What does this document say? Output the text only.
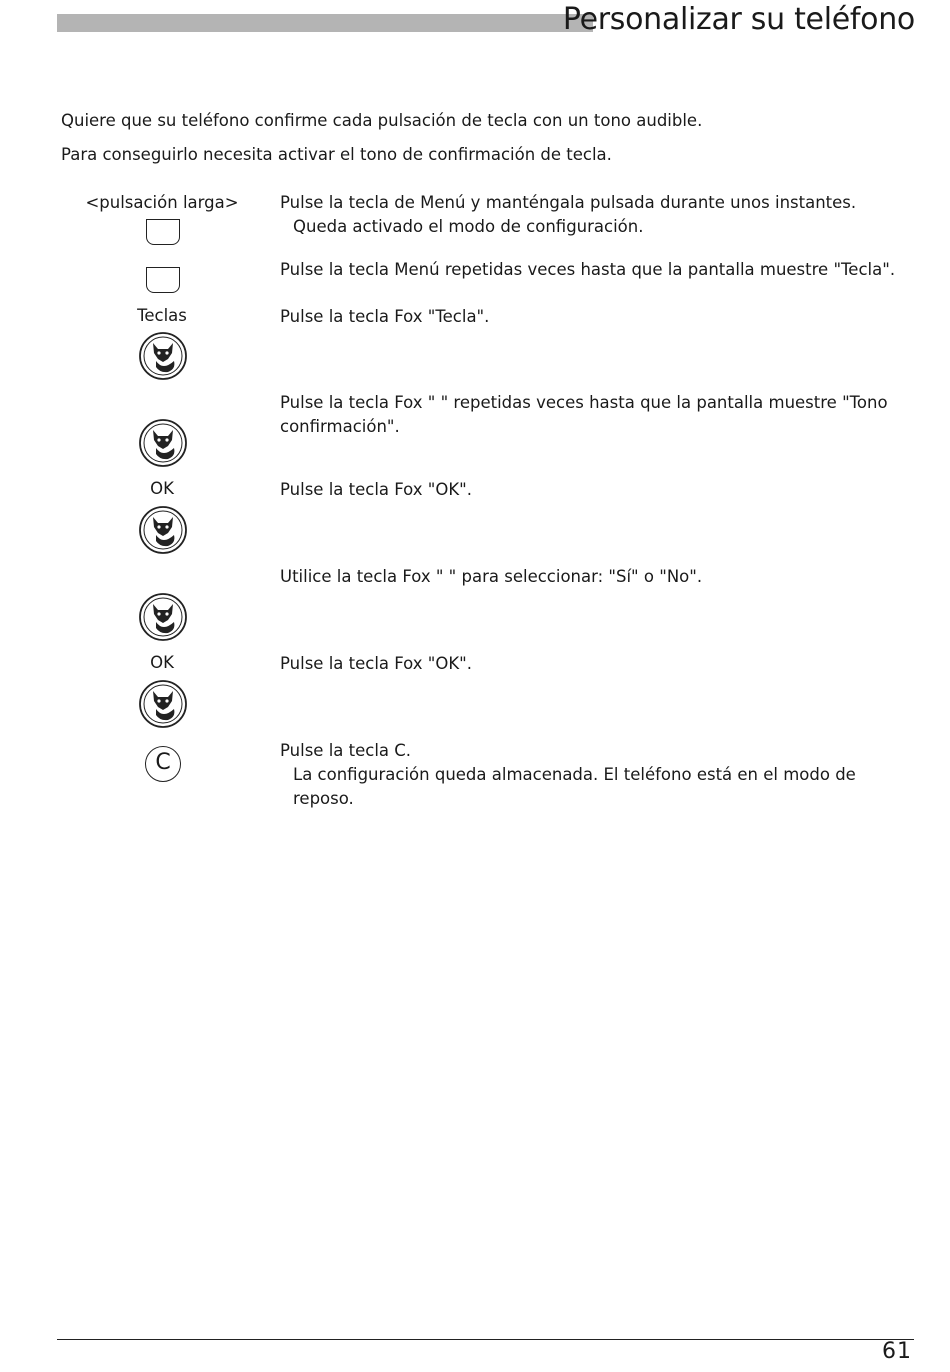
Personalizar su teléfono
Quiere que su teléfono confirme cada pulsación de tecla con un tono audible.
Para conseguirlo necesita activar el tono de confirmación de tecla.
<pulsación larga>	Pulse la tecla de Menú y manténgala pulsada durante unos instantes.
Queda activado el modo de configuración.
Pulse la tecla Menú repetidas veces hasta que la pantalla muestre "Tecla".
Teclas	Pulse la tecla Fox "Tecla".
Pulse la tecla Fox " " repetidas veces hasta que la pantalla muestre "Tono confirmación".
OK	Pulse la tecla Fox "OK".
Utilice la tecla Fox " " para seleccionar: "Sí" o "No".
OK	Pulse la tecla Fox "OK".
C	Pulse la tecla C.
La configuración queda almacenada. El teléfono está en el modo de reposo.
61
